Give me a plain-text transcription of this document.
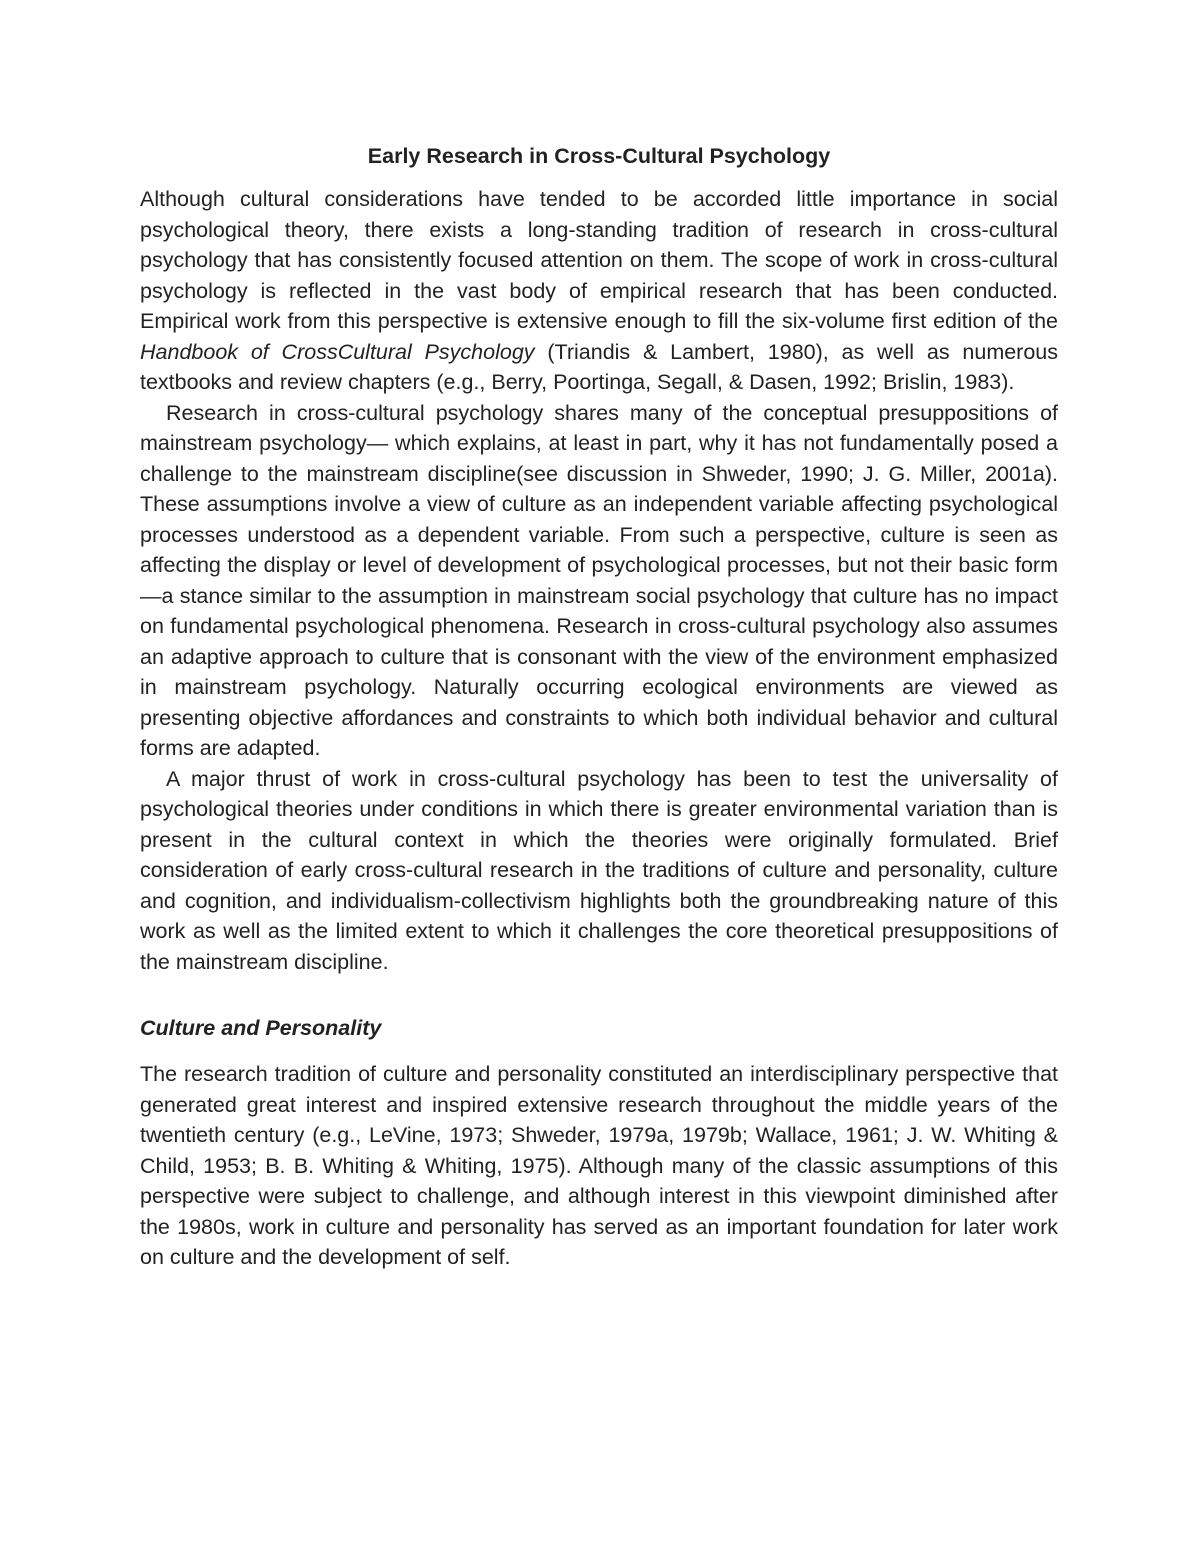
Early Research in Cross-Cultural Psychology

Although cultural considerations have tended to be accorded little importance in social psychological theory, there exists a long-standing tradition of research in cross-cultural psychology that has consistently focused attention on them. The scope of work in cross-cultural psychology is reflected in the vast body of empirical research that has been conducted. Empirical work from this perspective is extensive enough to fill the six-volume first edition of the Handbook of CrossCultural Psychology (Triandis & Lambert, 1980), as well as numerous textbooks and review chapters (e.g., Berry, Poortinga, Segall, & Dasen, 1992; Brislin, 1983).

Research in cross-cultural psychology shares many of the conceptual presuppositions of mainstream psychology— which explains, at least in part, why it has not fundamentally posed a challenge to the mainstream discipline(see discussion in Shweder, 1990; J. G. Miller, 2001a). These assumptions involve a view of culture as an independent variable affecting psychological processes understood as a dependent variable. From such a perspective, culture is seen as affecting the display or level of development of psychological processes, but not their basic form—a stance similar to the assumption in mainstream social psychology that culture has no impact on fundamental psychological phenomena. Research in cross-cultural psychology also assumes an adaptive approach to culture that is consonant with the view of the environment emphasized in mainstream psychology. Naturally occurring ecological environments are viewed as presenting objective affordances and constraints to which both individual behavior and cultural forms are adapted.

A major thrust of work in cross-cultural psychology has been to test the universality of psychological theories under conditions in which there is greater environmental variation than is present in the cultural context in which the theories were originally formulated. Brief consideration of early cross-cultural research in the traditions of culture and personality, culture and cognition, and individualism-collectivism highlights both the groundbreaking nature of this work as well as the limited extent to which it challenges the core theoretical presuppositions of the mainstream discipline.

Culture and Personality

The research tradition of culture and personality constituted an interdisciplinary perspective that generated great interest and inspired extensive research throughout the middle years of the twentieth century (e.g., LeVine, 1973; Shweder, 1979a, 1979b; Wallace, 1961; J. W. Whiting & Child, 1953; B. B. Whiting & Whiting, 1975). Although many of the classic assumptions of this perspective were subject to challenge, and although interest in this viewpoint diminished after the 1980s, work in culture and personality has served as an important foundation for later work on culture and the development of self.
